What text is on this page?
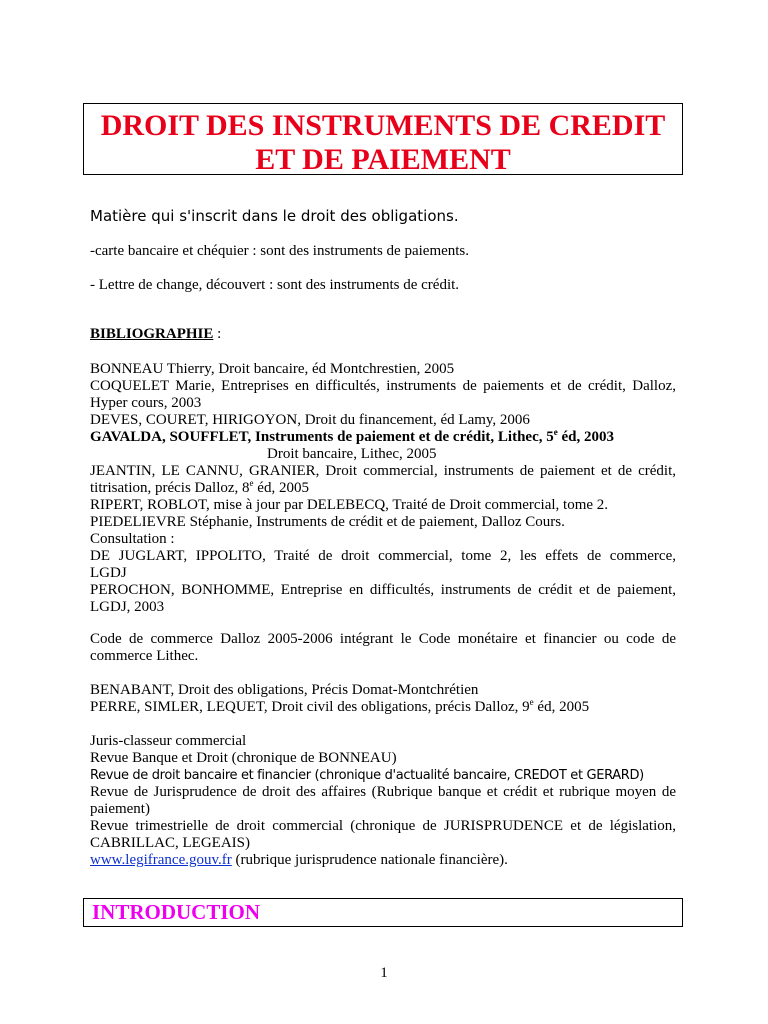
DROIT DES INSTRUMENTS DE CREDIT
ET DE PAIEMENT
Matière qui s'inscrit dans le droit des obligations.
-carte bancaire et chéquier : sont des instruments de paiements.
- Lettre de change, découvert : sont des instruments de crédit.
BIBLIOGRAPHIE :
BONNEAU Thierry, Droit bancaire, éd Montchrestien, 2005
COQUELET Marie, Entreprises en difficultés, instruments de paiements et de crédit, Dalloz,
Hyper cours, 2003
DEVES, COURET, HIRIGOYON, Droit du financement, éd Lamy, 2006
GAVALDA, SOUFFLET, Instruments de paiement et de crédit, Lithec, 5e éd, 2003
Droit bancaire, Lithec, 2005
JEANTIN, LE CANNU, GRANIER, Droit commercial, instruments de paiement et de crédit,
titrisation, précis Dalloz, 8e éd, 2005
RIPERT, ROBLOT, mise à jour par DELEBECQ, Traité de Droit commercial, tome 2.
PIEDELIEVRE Stéphanie, Instruments de crédit et de paiement, Dalloz Cours.
Consultation :
DE JUGLART, IPPOLITO, Traité de droit commercial, tome 2, les effets de commerce,
LGDJ
PEROCHON, BONHOMME, Entreprise en difficultés, instruments de crédit et de paiement,
LGDJ, 2003
Code de commerce Dalloz 2005-2006 intégrant le Code monétaire et financier ou code de
commerce Lithec.
BENABANT, Droit des obligations, Précis Domat-Montchrétien
PERRE, SIMLER, LEQUET, Droit civil des obligations, précis Dalloz, 9e éd, 2005
Juris-classeur commercial
Revue Banque et Droit (chronique de BONNEAU)
Revue de droit bancaire et financier (chronique d'actualité bancaire, CREDOT et GERARD)
Revue de Jurisprudence de droit des affaires (Rubrique banque et crédit et rubrique moyen de
paiement)
Revue trimestrielle de droit commercial (chronique de JURISPRUDENCE et de législation,
CABRILLAC, LEGEAIS)
www.legifrance.gouv.fr (rubrique jurisprudence nationale financière).
INTRODUCTION
1
